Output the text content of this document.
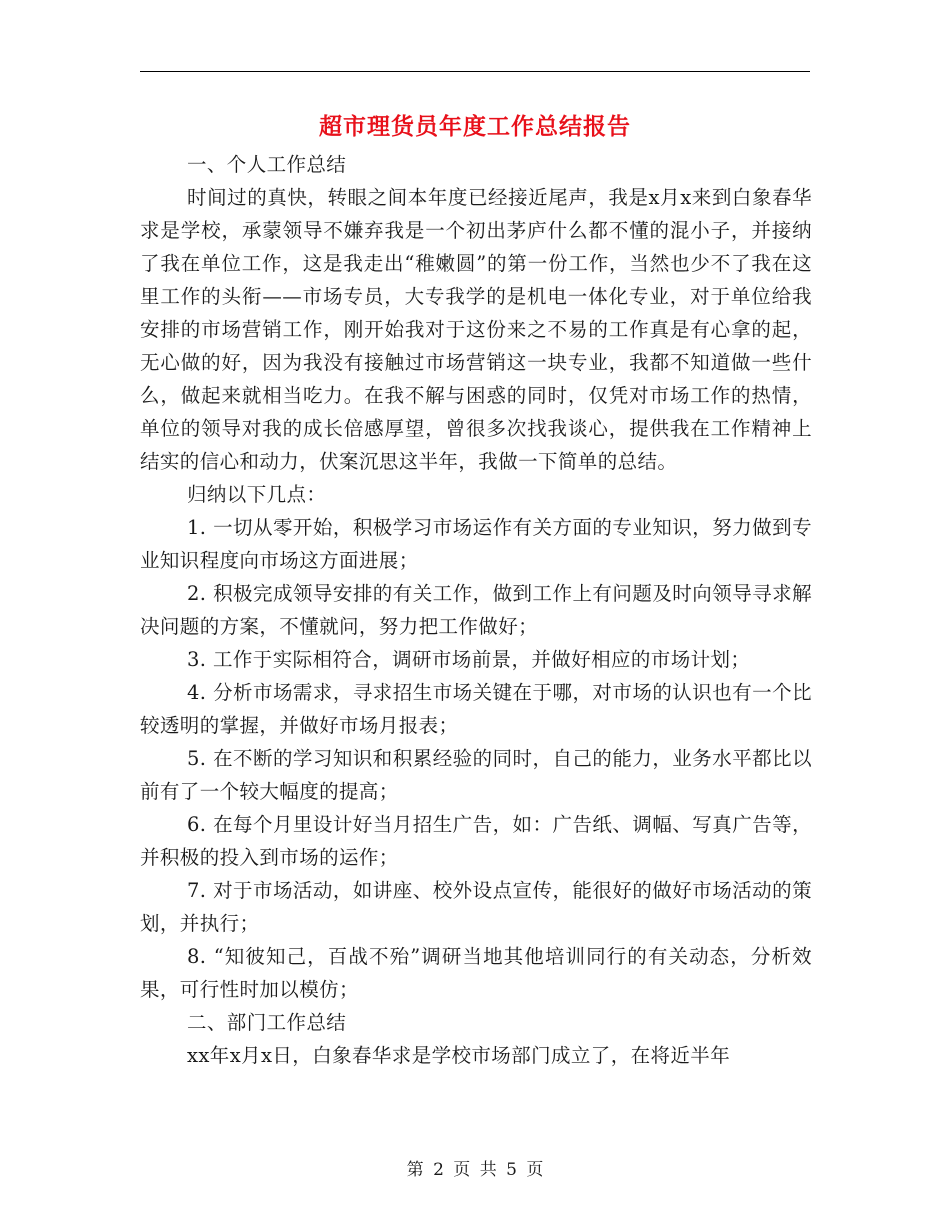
超市理货员年度工作总结报告

一、个人工作总结

时间过的真快，转眼之间本年度已经接近尾声，我是x月x来到白象春华求是学校，承蒙领导不嫌弃我是一个初出茅庐什么都不懂的混小子，并接纳了我在单位工作，这是我走出“稚嫩圆”的第一份工作，当然也少不了我在这里工作的头衔——市场专员，大专我学的是机电一体化专业，对于单位给我安排的市场营销工作，刚开始我对于这份来之不易的工作真是有心拿的起，无心做的好，因为我没有接触过市场营销这一块专业，我都不知道做一些什么，做起来就相当吃力。在我不解与困惑的同时，仅凭对市场工作的热情，单位的领导对我的成长倍感厚望，曾很多次找我谈心，提供我在工作精神上结实的信心和动力，伏案沉思这半年，我做一下简单的总结。

归纳以下几点：

1. 一切从零开始，积极学习市场运作有关方面的专业知识，努力做到专业知识程度向市场这方面进展；

2. 积极完成领导安排的有关工作，做到工作上有问题及时向领导寻求解决问题的方案，不懂就问，努力把工作做好；

3. 工作于实际相符合，调研市场前景，并做好相应的市场计划；

4. 分析市场需求，寻求招生市场关键在于哪，对市场的认识也有一个比较透明的掌握，并做好市场月报表；

5. 在不断的学习知识和积累经验的同时，自己的能力，业务水平都比以前有了一个较大幅度的提高；

6. 在每个月里设计好当月招生广告，如：广告纸、调幅、写真广告等，并积极的投入到市场的运作；

7. 对于市场活动，如讲座、校外设点宣传，能很好的做好市场活动的策划，并执行；

8. “知彼知己，百战不殆”调研当地其他培训同行的有关动态，分析效果，可行性时加以模仿；

二、部门工作总结

xx年x月x日，白象春华求是学校市场部门成立了，在将近半年

第 2 页 共 5 页
